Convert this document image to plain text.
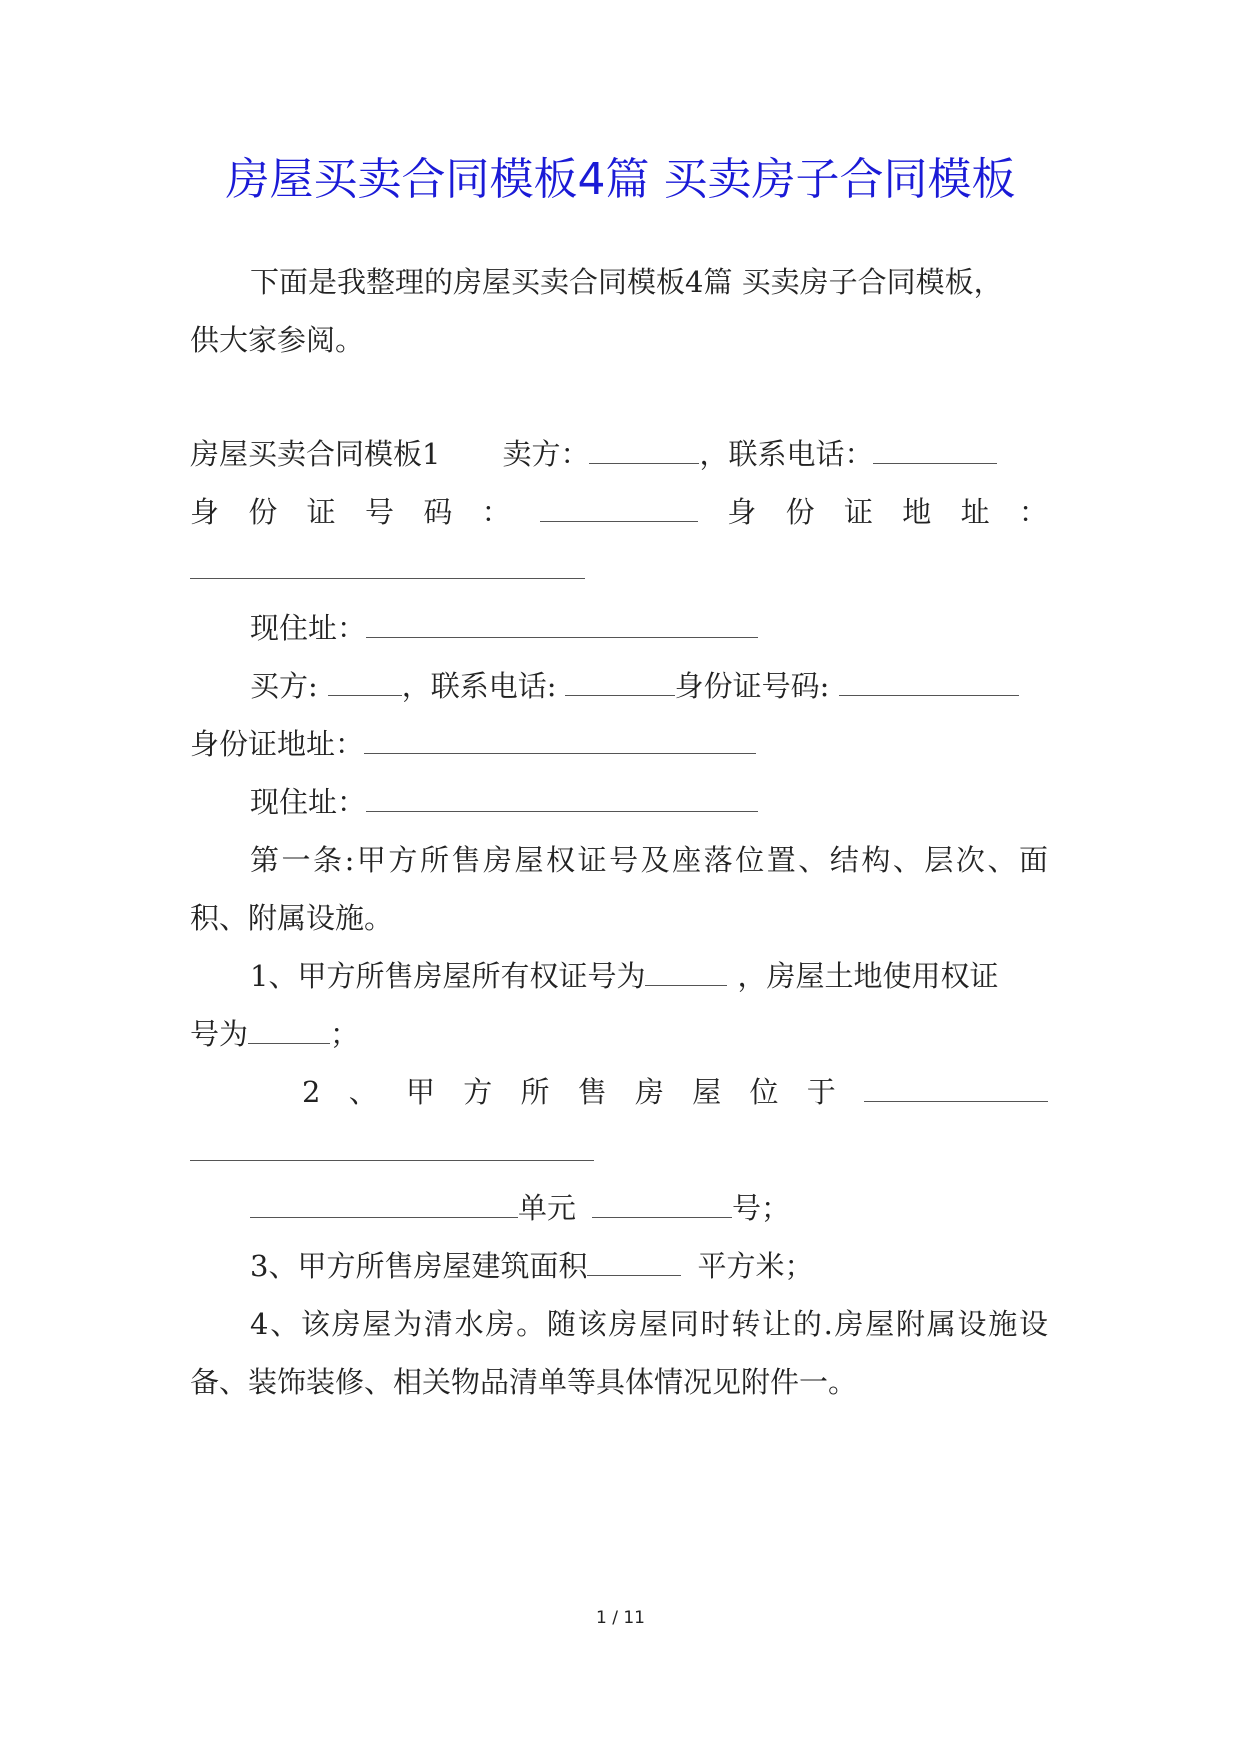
房屋买卖合同模板4篇 买卖房子合同模板
下面是我整理的房屋买卖合同模板4篇 买卖房子合同模板，
供大家参阅。
房屋买卖合同模板1 卖方：	，联系电话：
身 份 证 号 码 ：	身 份 证 地 址 ：
现住址：
买方:	，联系电话:	身份证号码:
身份证地址：
现住址：
第一条:甲方所售房屋权证号及座落位置、结构、层次、面
积、附属设施。
1、甲方所售房屋所有权证号为	，房屋土地使用权证
号为	；
2 、 甲 方 所 售 房 屋 位 于
单元	号；
3、甲方所售房屋建筑面积	平方米；
4、该房屋为清水房。随该房屋同时转让的.房屋附属设施设
备、装饰装修、相关物品清单等具体情况见附件一。
1 / 11
